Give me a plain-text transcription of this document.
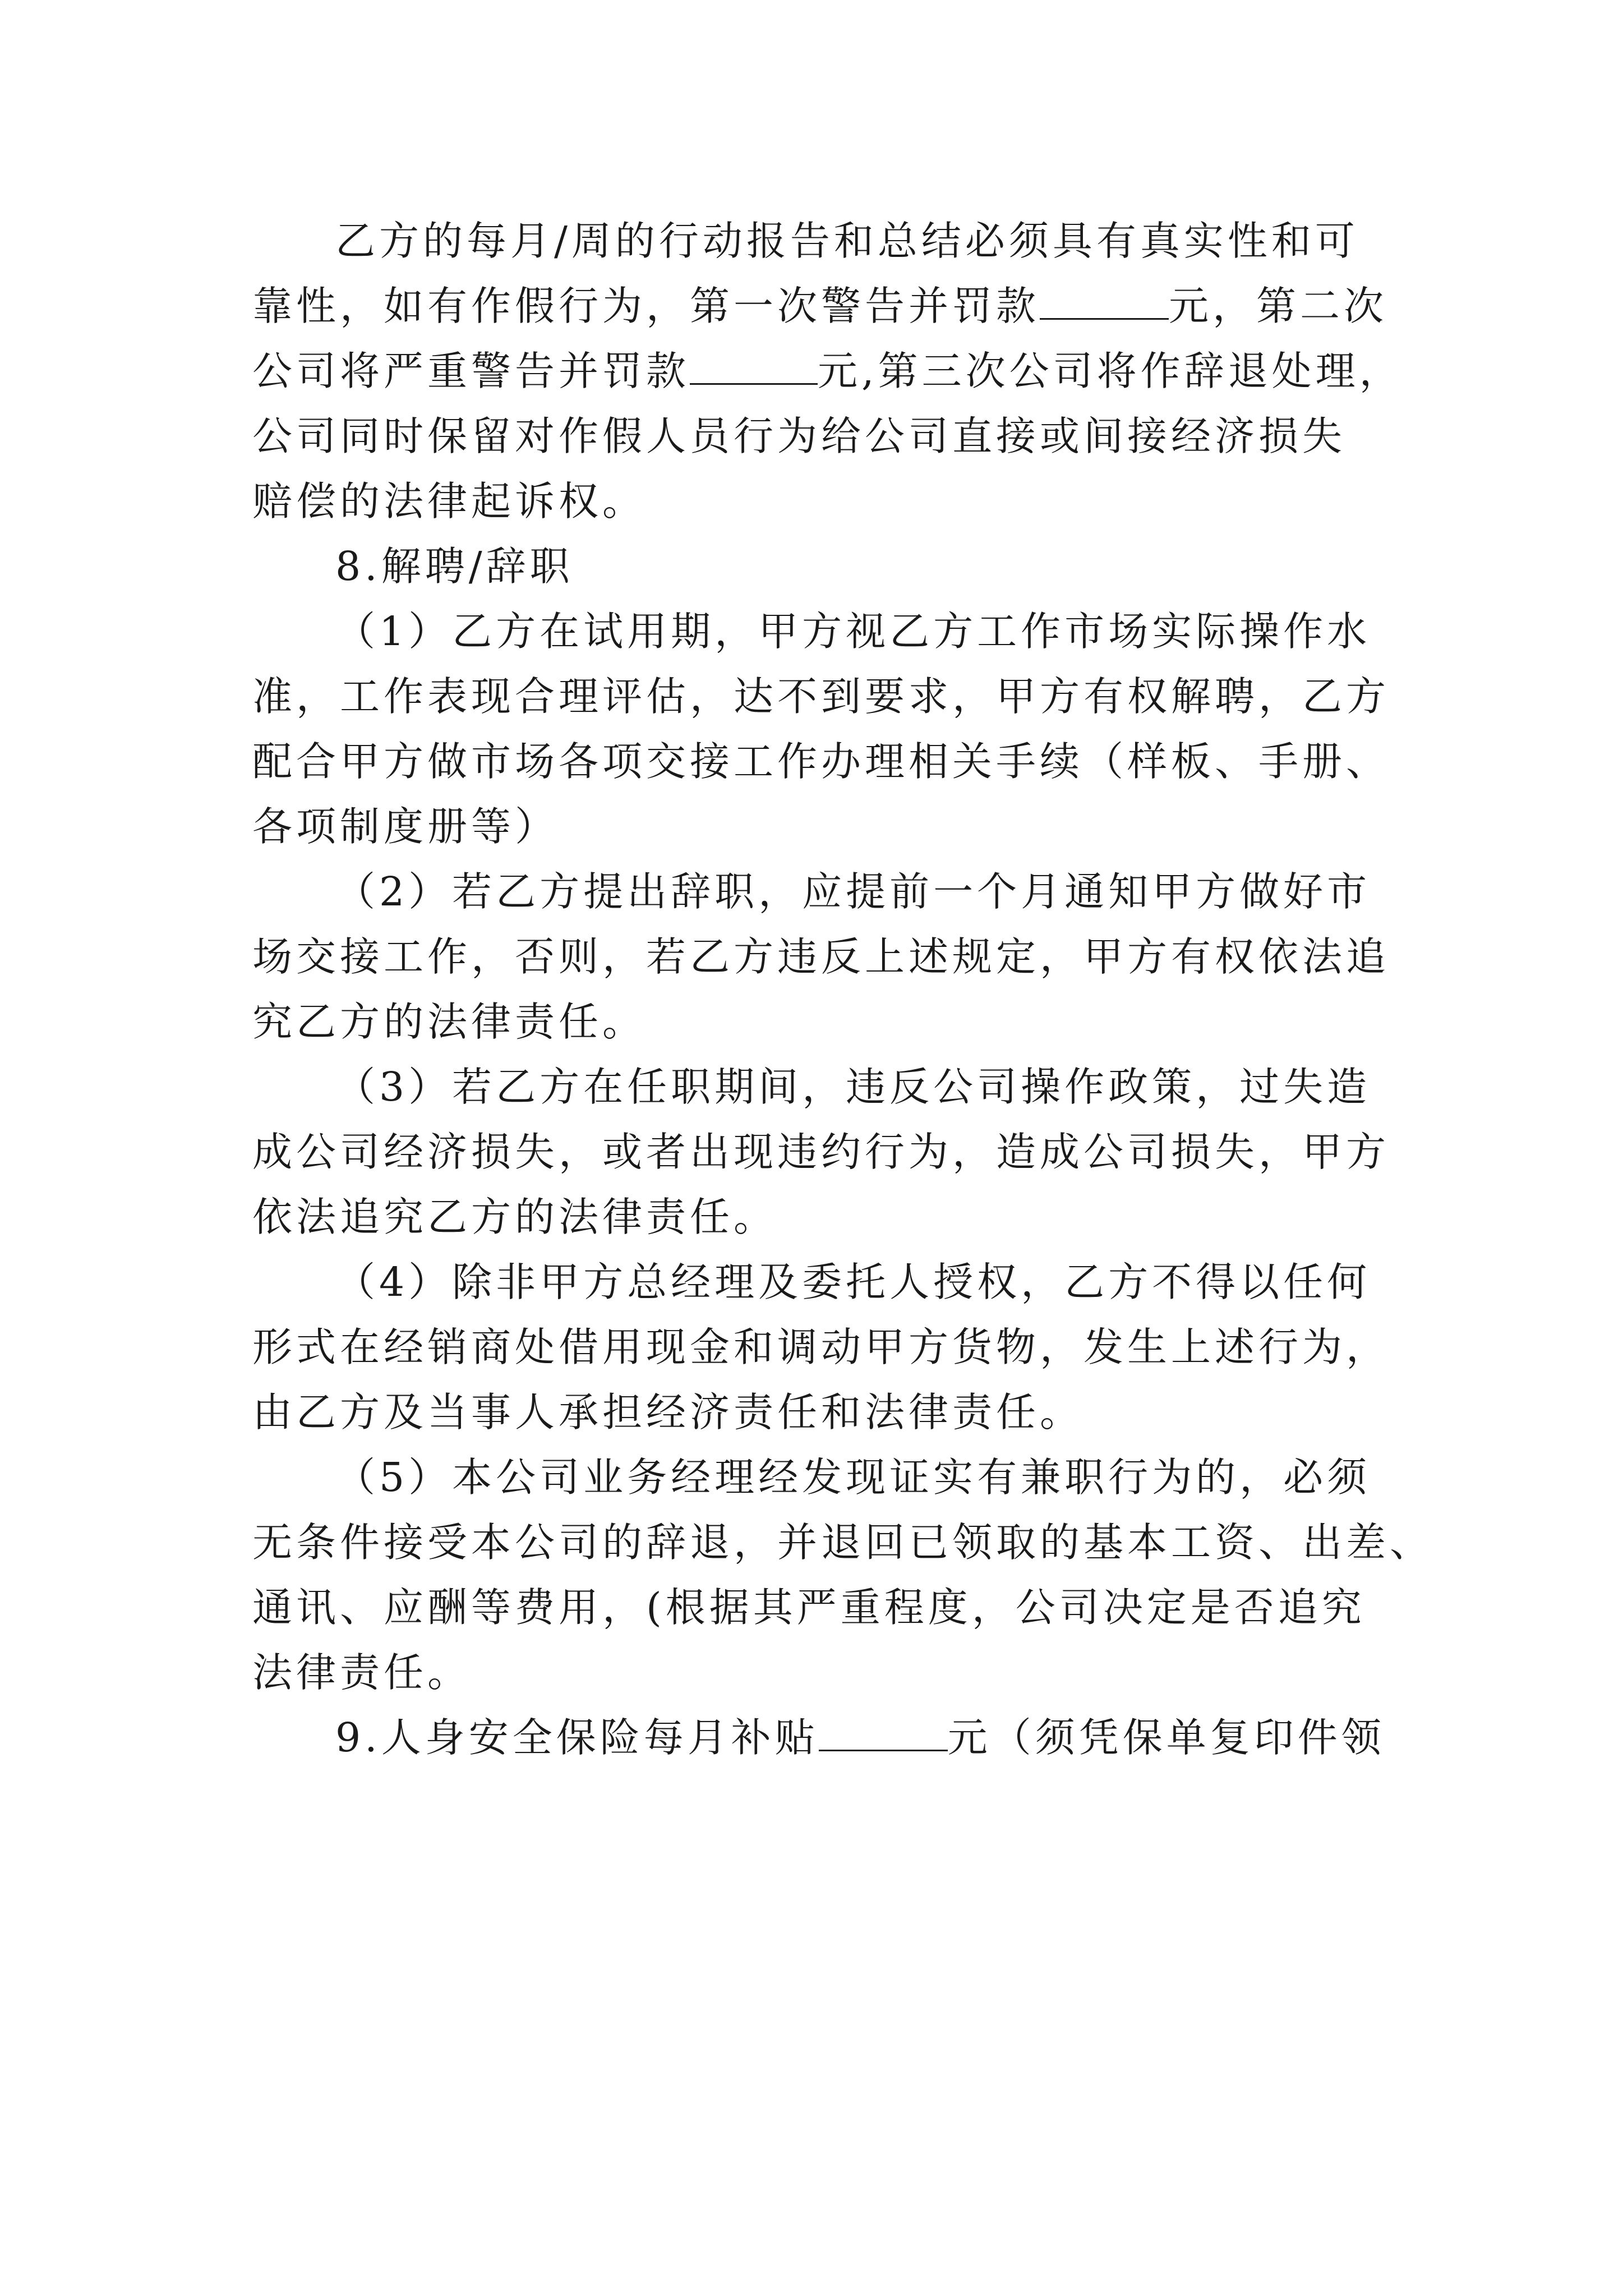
乙方的每月/周的行动报告和总结必须具有真实性和可
靠性，如有作假行为，第一次警告并罚款	元，第二次
公司将严重警告并罚款	元,第三次公司将作辞退处理，
公司同时保留对作假人员行为给公司直接或间接经济损失
赔偿的法律起诉权。
8.解聘/辞职
（1）乙方在试用期，甲方视乙方工作市场实际操作水
准，工作表现合理评估，达不到要求，甲方有权解聘，乙方
配合甲方做市场各项交接工作办理相关手续（样板、手册、
各项制度册等）
（2）若乙方提出辞职，应提前一个月通知甲方做好市
场交接工作，否则，若乙方违反上述规定，甲方有权依法追
究乙方的法律责任。
（3）若乙方在任职期间，违反公司操作政策，过失造
成公司经济损失，或者出现违约行为，造成公司损失，甲方
依法追究乙方的法律责任。
（4）除非甲方总经理及委托人授权，乙方不得以任何
形式在经销商处借用现金和调动甲方货物，发生上述行为，
由乙方及当事人承担经济责任和法律责任。
（5）本公司业务经理经发现证实有兼职行为的，必须
无条件接受本公司的辞退，并退回已领取的基本工资、出差、
通讯、应酬等费用，(根据其严重程度，公司决定是否追究
法律责任。
9.人身安全保险每月补贴	元（须凭保单复印件领
